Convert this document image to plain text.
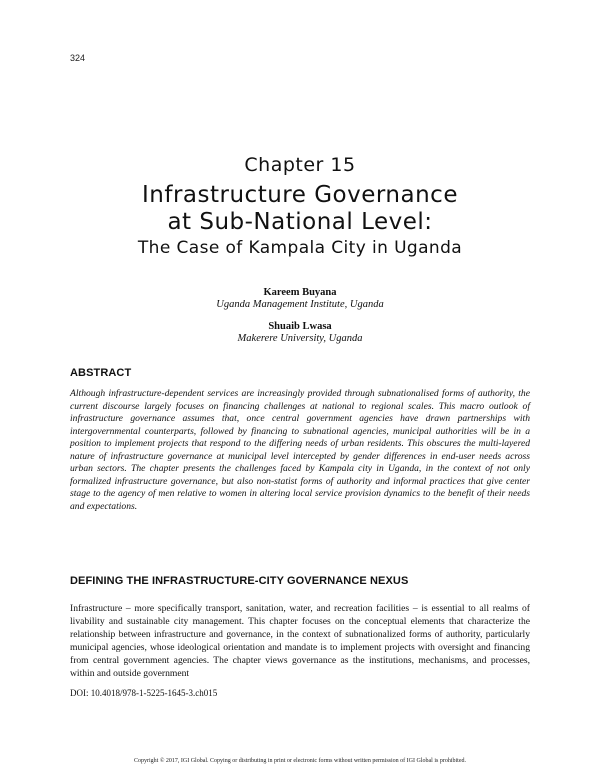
324
Chapter 15
Infrastructure Governance
at Sub-National Level:
The Case of Kampala City in Uganda
Kareem Buyana
Uganda Management Institute, Uganda
Shuaib Lwasa
Makerere University, Uganda
ABSTRACT
Although infrastructure-dependent services are increasingly provided through subnationalised forms of authority, the current discourse largely focuses on financing challenges at national to regional scales. This macro outlook of infrastructure governance assumes that, once central government agencies have drawn partnerships with intergovernmental counterparts, followed by financing to subnational agencies, municipal authorities will be in a position to implement projects that respond to the differing needs of urban residents. This obscures the multi-layered nature of infrastructure governance at municipal level intercepted by gender differences in end-user needs across urban sectors. The chapter presents the challenges faced by Kampala city in Uganda, in the context of not only formalized infrastructure governance, but also non-statist forms of authority and informal practices that give center stage to the agency of men relative to women in altering local service provision dynamics to the benefit of their needs and expectations.
DEFINING THE INFRASTRUCTURE-CITY GOVERNANCE NEXUS
Infrastructure – more specifically transport, sanitation, water, and recreation facilities – is essential to all realms of livability and sustainable city management. This chapter focuses on the conceptual elements that characterize the relationship between infrastructure and governance, in the context of subnationalized forms of authority, particularly municipal agencies, whose ideological orientation and mandate is to implement projects with oversight and financing from central government agencies. The chapter views governance as the institutions, mechanisms, and processes, within and outside government
DOI: 10.4018/978-1-5225-1645-3.ch015
Copyright © 2017, IGI Global. Copying or distributing in print or electronic forms without written permission of IGI Global is prohibited.
